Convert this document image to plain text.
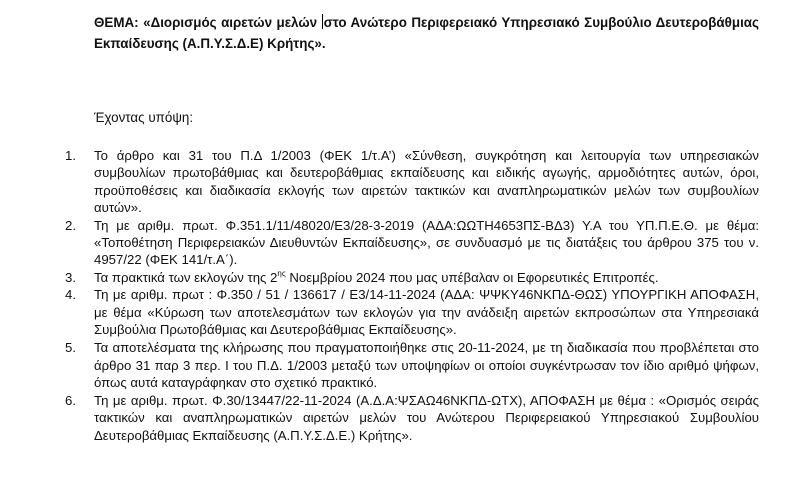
ΘΕΜΑ: «Διορισμός αιρετών μελών στο Ανώτερο Περιφερειακό Υπηρεσιακό Συμβούλιο Δευτεροβάθμιας Εκπαίδευσης (Α.Π.Υ.Σ.Δ.Ε) Κρήτης».
Έχοντας υπόψη:
1.	Το άρθρο και 31 του Π.Δ 1/2003 (ΦΕΚ 1/τ.Α’) «Σύνθεση, συγκρότηση και λειτουργία των υπηρεσιακών συμβουλίων πρωτοβάθμιας και δευτεροβάθμιας εκπαίδευσης και ειδικής αγωγής, αρμοδιότητες αυτών, όροι, προϋποθέσεις και διαδικασία εκλογής των αιρετών τακτικών και αναπληρωματικών μελών των συμβουλίων αυτών».
2.	Τη με αριθμ. πρωτ. Φ.351.1/11/48020/Ε3/28-3-2019 (ΑΔΑ:ΩΩΤΗ4653ΠΣ-ΒΔ3) Υ.Α του ΥΠ.Π.Ε.Θ. με θέμα: «Τοποθέτηση Περιφερειακών Διευθυντών Εκπαίδευσης», σε συνδυασμό με τις διατάξεις του άρθρου 375 του ν. 4957/22 (ΦΕΚ 141/τ.Α΄).
3.	Τα πρακτικά των εκλογών της $2^{\eta\varsigma}$ Νοεμβρίου 2024 που μας υπέβαλαν οι Εφορευτικές Επιτροπές.
4.	Τη με αριθμ. πρωτ : Φ.350 / 51 / 136617 / Ε3/14-11-2024 (ΑΔΑ: ΨΨΚΥ46ΝΚΠΔ-ΘΩΣ) ΥΠΟΥΡΓΙΚΗ ΑΠΟΦΑΣΗ, με θέμα «Κύρωση των αποτελεσμάτων των εκλογών για την ανάδειξη αιρετών εκπροσώπων στα Υπηρεσιακά Συμβούλια Πρωτοβάθμιας και Δευτεροβάθμιας Εκπαίδευσης».
5.	Τα αποτελέσματα της κλήρωσης που πραγματοποιήθηκε στις 20-11-2024, με τη διαδικασία που προβλέπεται στο άρθρο 31 παρ 3 περ. Ι του Π.Δ. 1/2003 μεταξύ των υποψηφίων οι οποίοι συγκέντρωσαν τον ίδιο αριθμό ψήφων, όπως αυτά καταγράφηκαν στο σχετικό πρακτικό.
6.	Τη με αριθμ. πρωτ. Φ.30/13447/22-11-2024 (Α.Δ.Α:ΨΣΑΩ46ΝΚΠΔ-ΩΤΧ), ΑΠΟΦΑΣΗ με θέμα : «Ορισμός σειράς τακτικών και αναπληρωματικών αιρετών μελών του Ανώτερου Περιφερειακού Υπηρεσιακού Συμβουλίου Δευτεροβάθμιας Εκπαίδευσης (Α.Π.Υ.Σ.Δ.Ε.) Κρήτης».
